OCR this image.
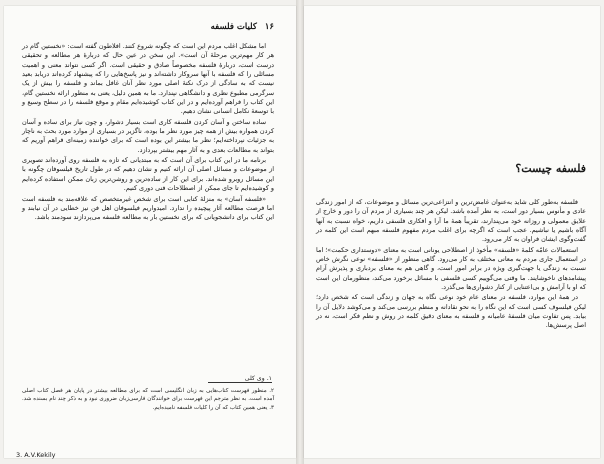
۱۶ کلیات فلسفه

اما مشکل اغلب مردم این است که چگونه شروع کنند. افلاطون گفته است: «نخستین گام در هر کار مهم‌ترین مرحلهٔ آن است». این سخن در عین حال که دربارهٔ هر مطالعه و تحقیقی درست است، دربارهٔ فلسفه مخصوصاً صادق و حقیقی است. اگر کسی نتواند معنی و اهمیت مسائلی را که فلسفه با آنها سروکار داشته‌اند و نیز پاسخ‌هایی را که پیشنهاد کرده‌اند دریابد بعید نیست که به سادگی از درک نکتهٔ اصلی مورد نظر آنان غافل بماند و فلسفه را بیش از یک سرگرمی مطبوع نظری و دانشگاهی نپندارد. ما به همین دلیل، یعنی به منظور ارائه نخستین گام، این کتاب را فراهم آورده‌ایم و در این کتاب کوشیده‌ایم مقام و موقع فلسفه را در سطح وسیع و با توسعهٔ نکامل انسانی نشان دهیم.

ساده ساختن و آسان کردن فلسفه کاری است بسیار دشوار، و چون نیاز برای ساده و آسان کردن همواره بیش از همه چیز مورد نظر ما بوده، ناگزیر در بسیاری از موارد مورد بحث به ناچار به جزئیات نپرداخته‌ایم؛ نظر ما بیشتر این بوده است که برای خواننده زمینه‌ای فراهم آوریم که بتواند به مطالعات بعدی و به آثار مهم بیشتر بپردازد.

برنامه ما در این کتاب برای آن است که به مبتدیانی که تازه به فلسفه روی آورده‌اند تصویری از موضوعات و مسائل اصلی آن ارائه کنیم و نشان دهیم که در طول تاریخ فیلسوفان چگونه با این مسائل روبرو شده‌اند. برای این کار از ساده‌ترین و روشن‌ترین زبان ممکن استفاده کرده‌ایم و کوشیده‌ایم تا جای ممکن از اصطلاحات فنی دوری کنیم.

«فلسفه آسان» به منزلهٔ کتابی است برای شخص غیرمتخصص که علاقه‌مند به فلسفه است اما فرصت مطالعه آثار پیچیده را ندارد. امیدواریم فیلسوفان اهل فن نیز خطایی در آن نیابند و این کتاب برای دانشجویانی که برای نخستین بار به مطالعه فلسفه می‌پردازند سودمند باشد.

۱. وی کلی
۲. منظور فهرست کتاب‌هایی به زبان انگلیسی است که برای مطالعه بیشتر در پایان هر فصل کتاب اصلی آمده است. به نظر مترجم این فهرست برای خوانندگان فارسی‌زبان ضروری نبود و به ذکر چند نام بسنده شد. ۳. یعنی همین کتاب که آن را کلیات فلسفه نامیده‌ایم.
3. A.V.Kekily
فلسفه چیست؟

فلسفه به‌طور کلی شاید به‌عنوان غامض‌ترین و انتزاعی‌ترین مسائل و موضوعات، که از امور زندگی عادی و مأنوس بسیار دور است، به نظر آمده باشد. لیکن هر چند بسیاری از مردم آن را دور و خارج از علایق معمولی و روزانه خود می‌پندارند، تقریباً همهٔ ما آرا و افکاری فلسفی داریم، خواه نسبت به آنها آگاه باشیم یا نباشیم. عجب است که اگرچه برای اغلب مردم مفهوم فلسفه مبهم است این کلمه در گفت‌وگوی ایشان فراوان به کار می‌رود.

استعمالات عامّه کلمهٔ «فلسفه» مأخوذ از اصطلاحی یونانی است به معنای «دوستداری حکمت»؛ اما در استعمال جاری مردم به معانی مختلف به کار می‌رود. گاهی منظور از «فلسفه» نوعی نگرش خاص نسبت به زندگی یا جهت‌گیری ویژه در برابر امور است، و گاهی هم به معنای بردباری و پذیرش آرام پیشامدهای ناخوشایند. ما وقتی می‌گوییم کسی فلسفی با مسائل برخورد می‌کند، منظورمان این است که او با آرامش و بی‌اعتنایی از کنار دشواری‌ها می‌گذرد.

در همهٔ این موارد، فلسفه در معنای عام خود نوعی نگاه به جهان و زندگی است که شخص دارد؛ لیکن فیلسوف کسی است که این نگاه را به نحو نقادانه و منظم بررسی می‌کند و می‌کوشد دلایل آن را بیابد. پس تفاوت میان فلسفهٔ عامیانه و فلسفه به معنای دقیق کلمه در روش و نظم فکر است، نه در اصل پرسش‌ها.
